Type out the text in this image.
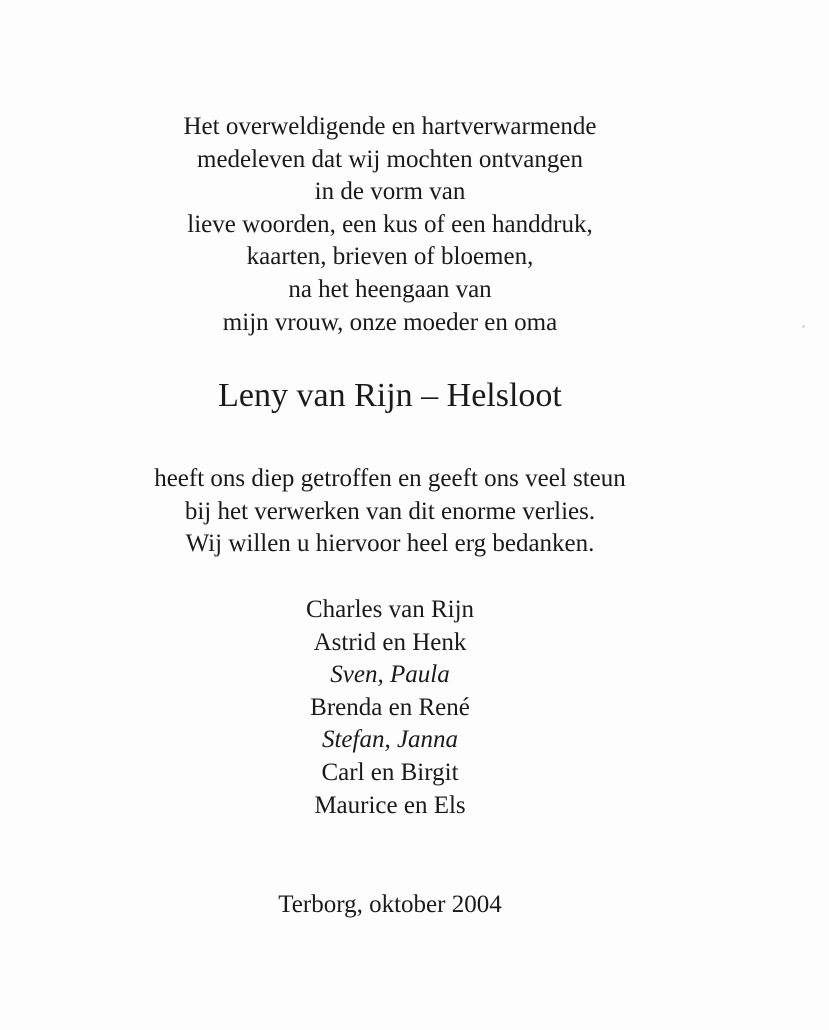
Het overweldigende en hartverwarmende
medeleven dat wij mochten ontvangen
in de vorm van
lieve woorden, een kus of een handdruk,
kaarten, brieven of bloemen,
na het heengaan van
mijn vrouw, onze moeder en oma
Leny van Rijn – Helsloot
heeft ons diep getroffen en geeft ons veel steun
bij het verwerken van dit enorme verlies.
Wij willen u hiervoor heel erg bedanken.
Charles van Rijn
Astrid en Henk
Sven, Paula
Brenda en René
Stefan, Janna
Carl en Birgit
Maurice en Els
Terborg, oktober 2004
